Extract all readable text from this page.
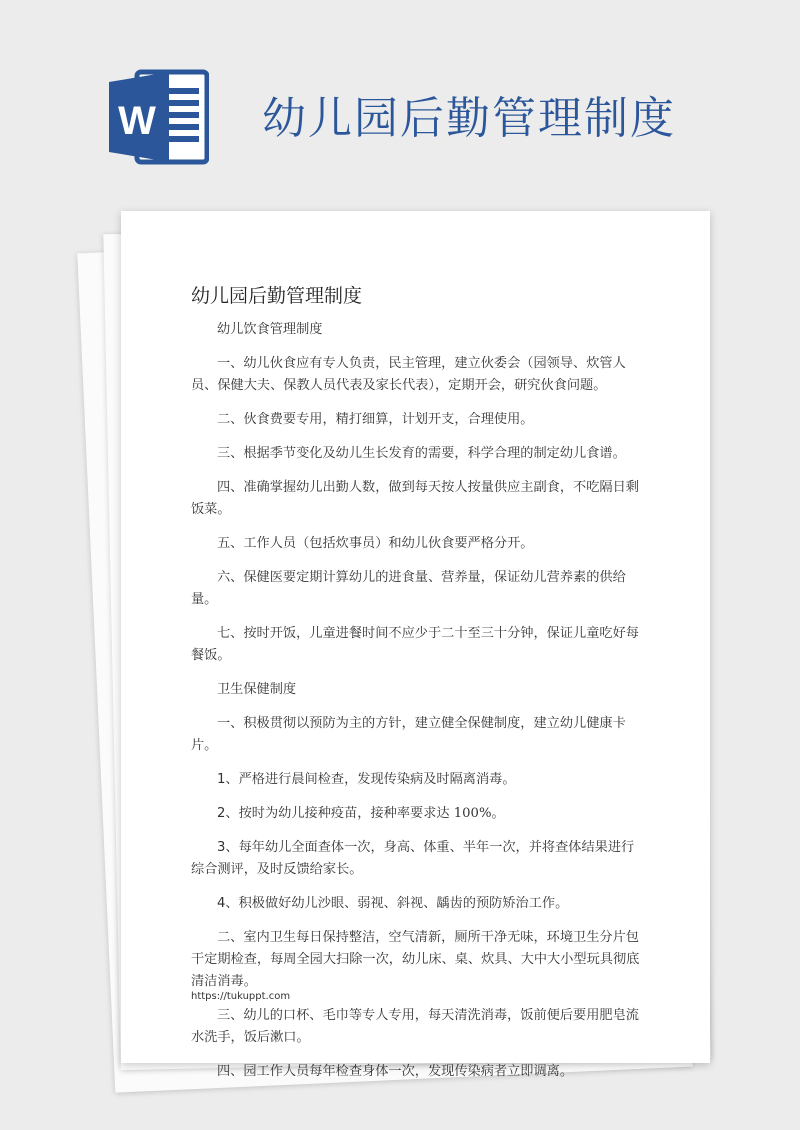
W 幼儿园后勤管理制度
幼儿园后勤管理制度

幼儿饮食管理制度

一、幼儿伙食应有专人负责，民主管理，建立伙委会（园领导、炊管人员、保健大夫、保教人员代表及家长代表），定期开会，研究伙食问题。

二、伙食费要专用，精打细算，计划开支，合理使用。

三、根据季节变化及幼儿生长发育的需要，科学合理的制定幼儿食谱。

四、准确掌握幼儿出勤人数，做到每天按人按量供应主副食，不吃隔日剩饭菜。

五、工作人员（包括炊事员）和幼儿伙食要严格分开。

六、保健医要定期计算幼儿的进食量、营养量，保证幼儿营养素的供给量。

七、按时开饭，儿童进餐时间不应少于二十至三十分钟，保证儿童吃好每餐饭。

卫生保健制度

一、积极贯彻以预防为主的方针，建立健全保健制度，建立幼儿健康卡片。

1、严格进行晨间检查，发现传染病及时隔离消毒。

2、按时为幼儿接种疫苗，接种率要求达 100%。

3、每年幼儿全面查体一次，身高、体重、半年一次，并将查体结果进行综合测评，及时反馈给家长。

4、积极做好幼儿沙眼、弱视、斜视、龋齿的预防矫治工作。

二、室内卫生每日保持整洁，空气清新，厕所干净无味，环境卫生分片包干定期检查，每周全园大扫除一次，幼儿床、桌、炊具、大中大小型玩具彻底清洁消毒。

三、幼儿的口杯、毛巾等专人专用，每天清洗消毒，饭前便后要用肥皂流水洗手，饭后漱口。

四、园工作人员每年检查身体一次，发现传染病者立即调离。

https://tukuppt.com
